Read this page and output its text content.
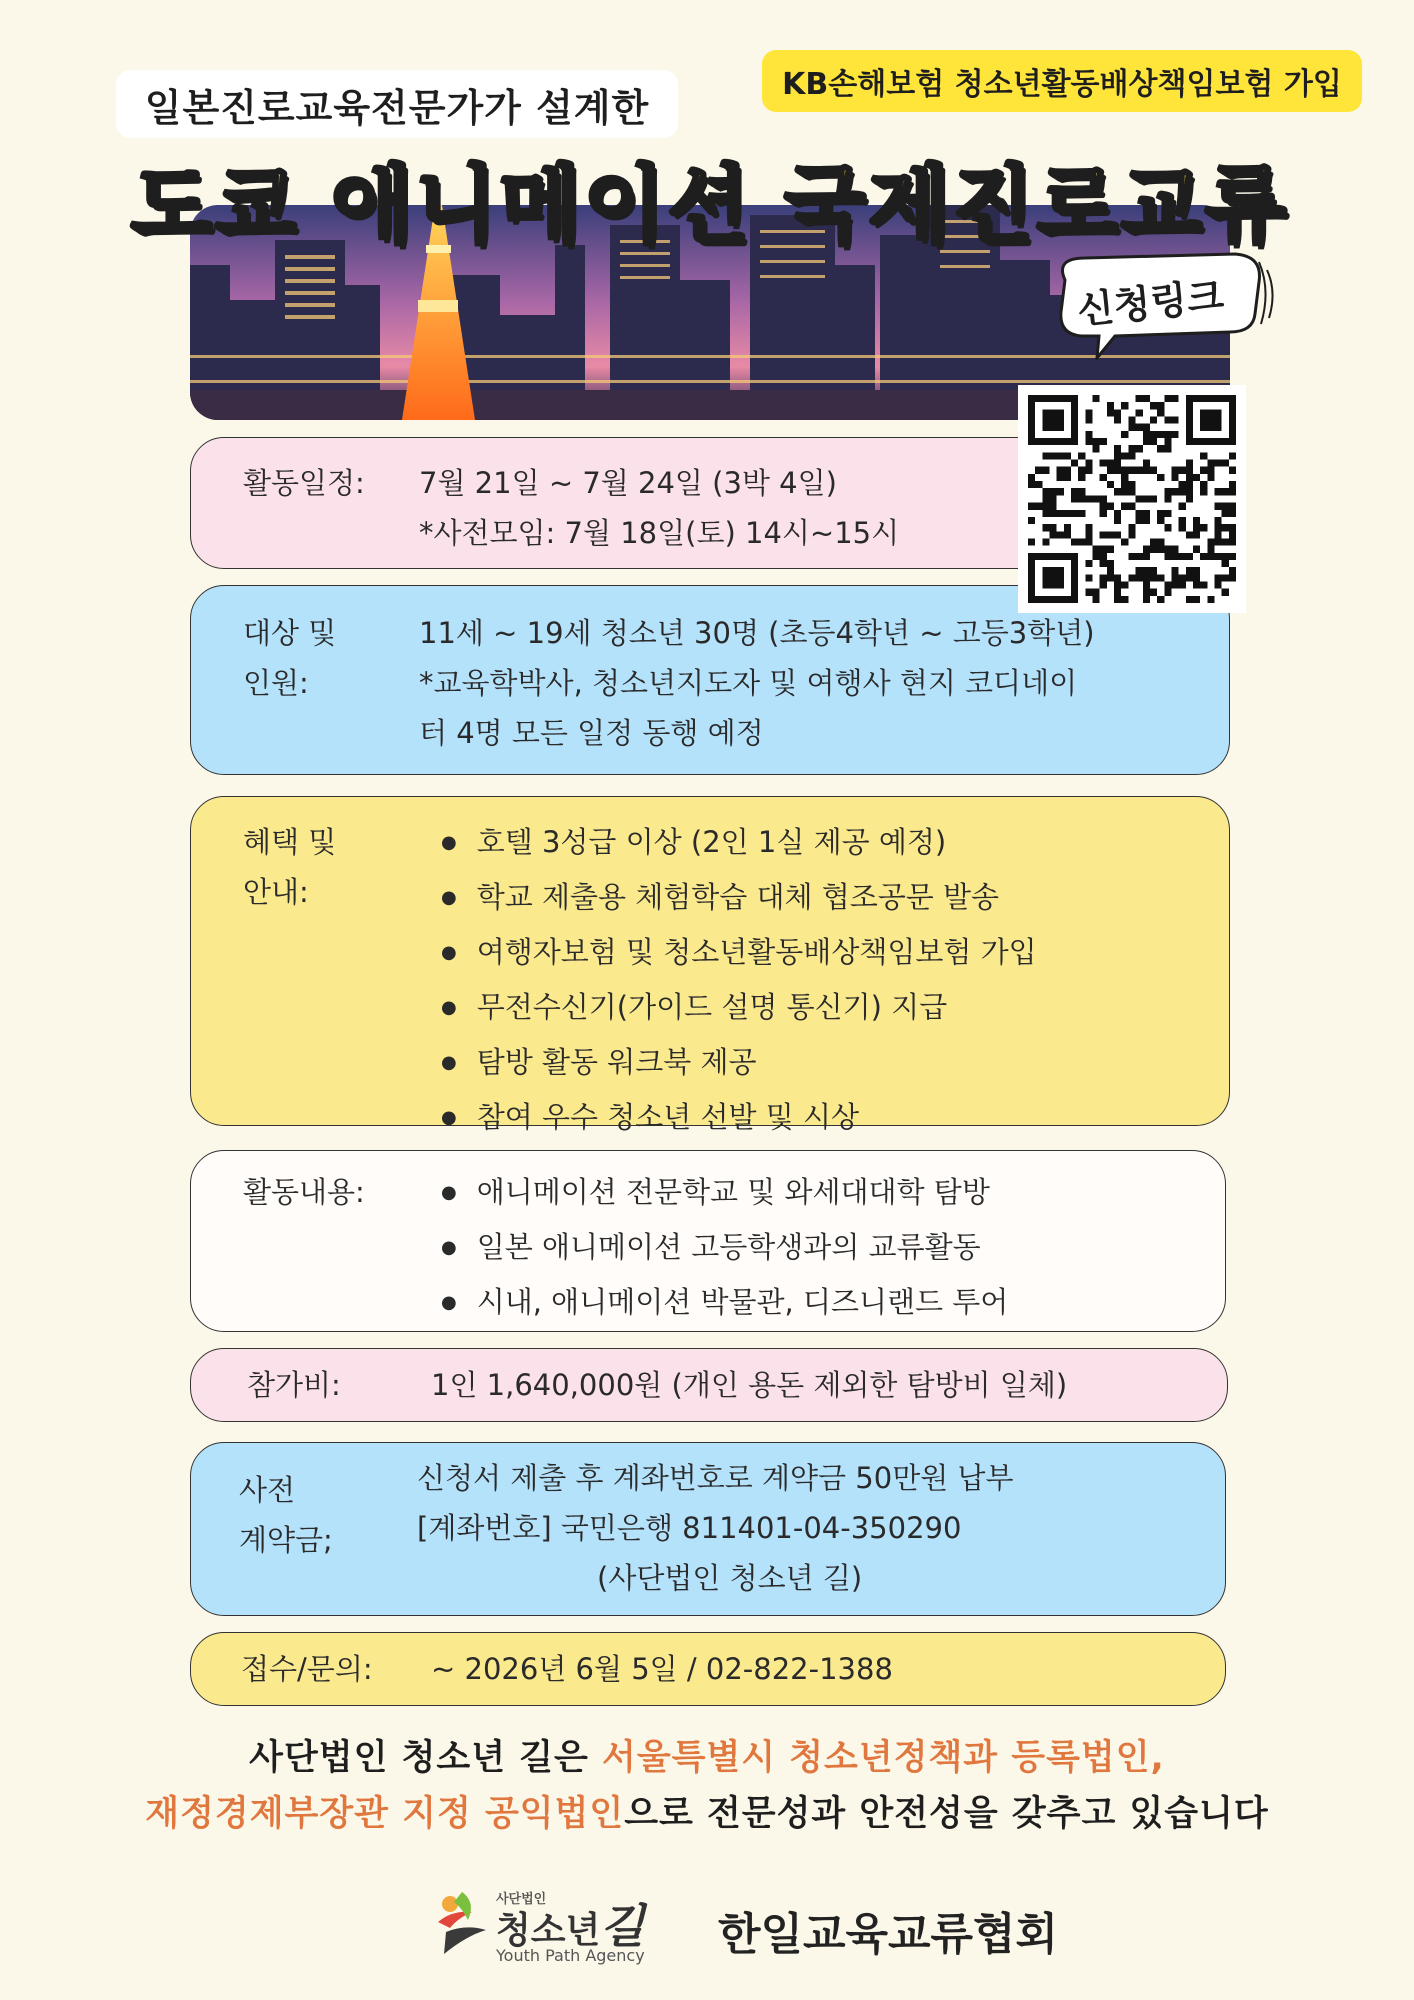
일본진로교육전문가가 설계한
KB손해보험 청소년활동배상책임보험 가입
도쿄 애니메이션 국제진로교류
신청링크
활동일정: 7월 21일 ~ 7월 24일 (3박 4일)
*사전모임: 7월 18일(토) 14시~15시
대상 및
인원:
11세 ~ 19세 청소년 30명 (초등4학년 ~ 고등3학년)
*교육학박사, 청소년지도자 및 여행사 현지 코디네이
터 4명 모든 일정 동행 예정
혜택 및
안내:
● 호텔 3성급 이상 (2인 1실 제공 예정)
● 학교 제출용 체험학습 대체 협조공문 발송
● 여행자보험 및 청소년활동배상책임보험 가입
● 무전수신기(가이드 설명 통신기) 지급
● 탐방 활동 워크북 제공
● 참여 우수 청소년 선발 및 시상
활동내용:
●	애니메이션 전문학교 및 와세대대학 탐방
● 일본 애니메이션 고등학생과의 교류활동
● 시내, 애니메이션 박물관, 디즈니랜드 투어
참가비:	1인 1,640,000원 (개인 용돈 제외한 탐방비 일체)
사전
계약금;
신청서 제출 후 계좌번호로 계약금 50만원 납부
[계좌번호] 국민은행 811401-04-350290
(사단법인 청소년 길)
접수/문의: ~ 2026년 6월 5일 / 02-822-1388
사단법인 청소년 길은 서울특별시 청소년정책과 등록법인,
재정경제부장관 지정 공익법인으로 전문성과 안전성을 갖추고 있습니다
사단법인
청소년 길
Youth Path Agency 한일교육교류협회
